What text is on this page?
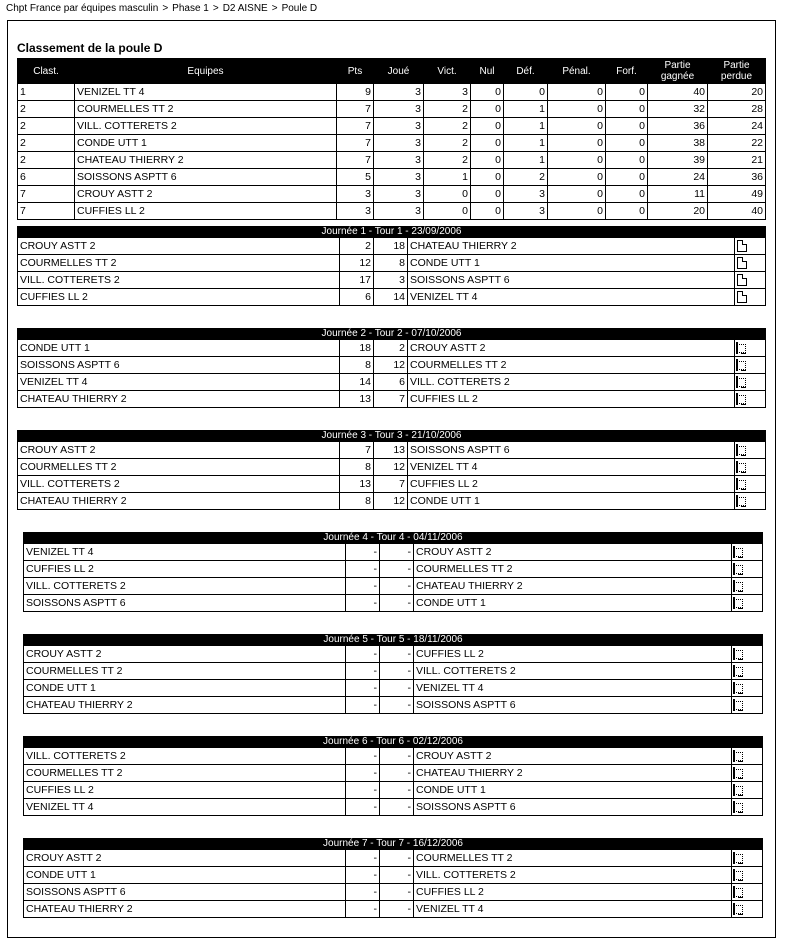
Chpt France par équipes masculin > Phase 1 > D2 AISNE > Poule D
Classement de la poule D
Clast.	Equipes	Pts	Joué	Vict.	Nul	Déf.	Pénal.	Forf.	Partie gagnée	Partie perdue
1	VENIZEL TT 4	9	3	3	0	0	0	0	40	20
2	COURMELLES TT 2	7	3	2	0	1	0	0	32	28
2	VILL. COTTERETS 2	7	3	2	0	1	0	0	36	24
2	CONDE UTT 1	7	3	2	0	1	0	0	38	22
2	CHATEAU THIERRY 2	7	3	2	0	1	0	0	39	21
6	SOISSONS ASPTT 6	5	3	1	0	2	0	0	24	36
7	CROUY ASTT 2	3	3	0	0	3	0	0	11	49
7	CUFFIES LL 2	3	3	0	0	3	0	0	20	40
Journée 1 - Tour 1 - 23/09/2006
CROUY ASTT 2	2	18	CHATEAU THIERRY 2	
COURMELLES TT 2	12	8	CONDE UTT 1	
VILL. COTTERETS 2	17	3	SOISSONS ASPTT 6	
CUFFIES LL 2	6	14	VENIZEL TT 4	
Journée 2 - Tour 2 - 07/10/2006
CONDE UTT 1	18	2	CROUY ASTT 2	
SOISSONS ASPTT 6	8	12	COURMELLES TT 2	
VENIZEL TT 4	14	6	VILL. COTTERETS 2	
CHATEAU THIERRY 2	13	7	CUFFIES LL 2	
Journée 3 - Tour 3 - 21/10/2006
CROUY ASTT 2	7	13	SOISSONS ASPTT 6	
COURMELLES TT 2	8	12	VENIZEL TT 4	
VILL. COTTERETS 2	13	7	CUFFIES LL 2	
CHATEAU THIERRY 2	8	12	CONDE UTT 1	
Journée 4 - Tour 4 - 04/11/2006
VENIZEL TT 4	-	-	CROUY ASTT 2	
CUFFIES LL 2	-	-	COURMELLES TT 2	
VILL. COTTERETS 2	-	-	CHATEAU THIERRY 2	
SOISSONS ASPTT 6	-	-	CONDE UTT 1	
Journée 5 - Tour 5 - 18/11/2006
CROUY ASTT 2	-	-	CUFFIES LL 2	
COURMELLES TT 2	-	-	VILL. COTTERETS 2	
CONDE UTT 1	-	-	VENIZEL TT 4	
CHATEAU THIERRY 2	-	-	SOISSONS ASPTT 6	
Journée 6 - Tour 6 - 02/12/2006
VILL. COTTERETS 2	-	-	CROUY ASTT 2	
COURMELLES TT 2	-	-	CHATEAU THIERRY 2	
CUFFIES LL 2	-	-	CONDE UTT 1	
VENIZEL TT 4	-	-	SOISSONS ASPTT 6	
Journée 7 - Tour 7 - 16/12/2006
CROUY ASTT 2	-	-	COURMELLES TT 2	
CONDE UTT 1	-	-	VILL. COTTERETS 2	
SOISSONS ASPTT 6	-	-	CUFFIES LL 2	
CHATEAU THIERRY 2	-	-	VENIZEL TT 4	
